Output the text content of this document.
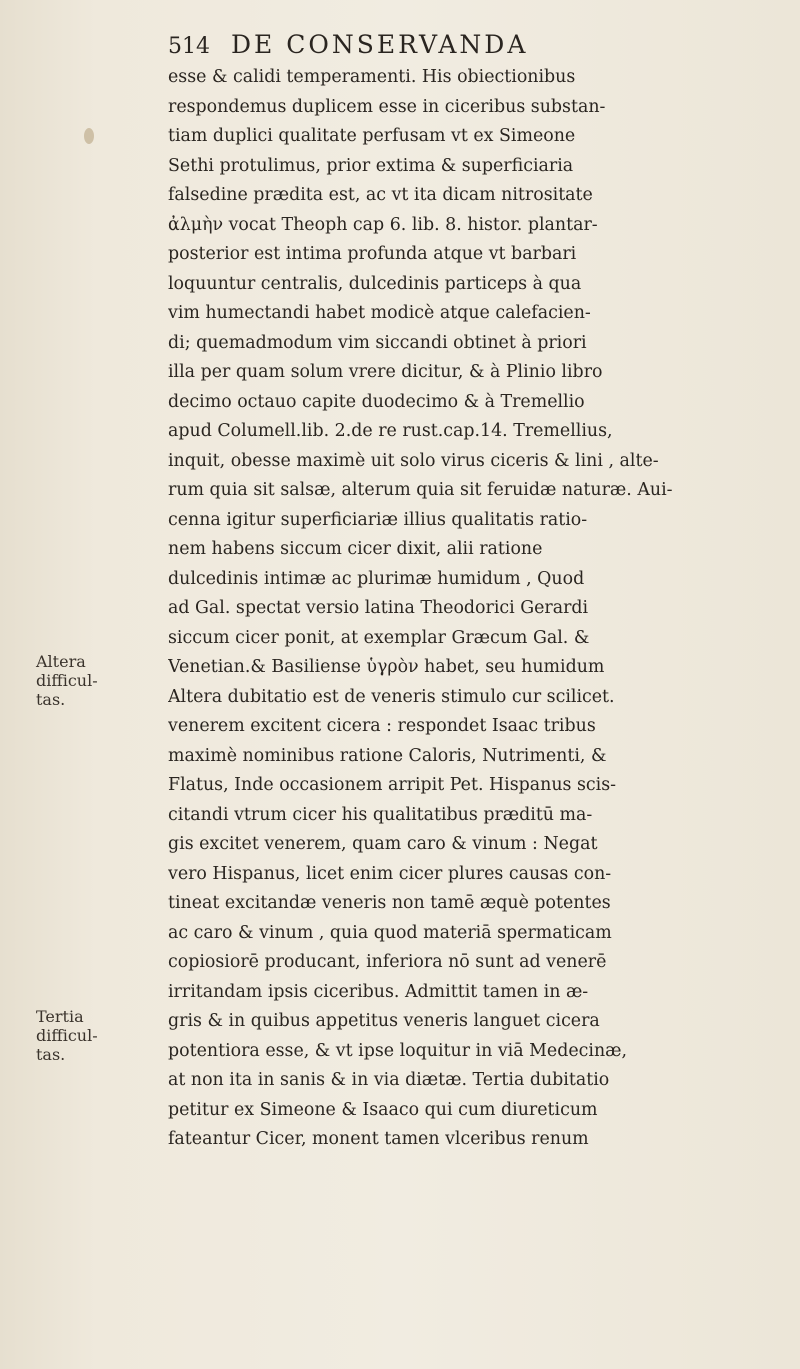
514 DE CONSERVANDA
esse & calidi temperamenti. His obiectionibus
respondemus duplicem esse in ciceribus substan-
tiam duplici qualitate perfusam vt ex Simeone
Sethi protulimus, prior extima & superficiaria
falsedine prædita est, ac vt ita dicam nitrositate
ἀλμὴν vocat Theoph cap 6. lib. 8. histor. plantar-
posterior est intima profunda atque vt barbari
loquuntur centralis, dulcedinis particeps à qua
vim humectandi habet modicè atque calefacien-
di; quemadmodum vim siccandi obtinet à priori
illa per quam solum vrere dicitur, & à Plinio libro
decimo octauo capite duodecimo & à Tremellio
apud Columell.lib. 2.de re rust.cap.14. Tremellius,
inquit, obesse maximè uit solo virus ciceris & lini , alte-
rum quia sit salsæ, alterum quia sit feruidæ naturæ. Aui-
cenna igitur superficiariæ illius qualitatis ratio-
nem habens siccum cicer dixit, alii ratione
dulcedinis intimæ ac plurimæ humidum , Quod
ad Gal. spectat versio latina Theodorici Gerardi
siccum cicer ponit, at exemplar Græcum Gal. &
Venetian.& Basiliense ὑγρὸν habet, seu humidum
Altera dubitatio est de veneris stimulo cur scilicet.
venerem excitent cicera : respondet Isaac tribus
maximè nominibus ratione Caloris, Nutrimenti, &
Flatus, Inde occasionem arripit Pet. Hispanus scis-
citandi vtrum cicer his qualitatibus præditū ma-
gis excitet venerem, quam caro & vinum : Negat
vero Hispanus, licet enim cicer plures causas con-
tineat excitandæ veneris non tamē æquè potentes
ac caro & vinum , quia quod materiā spermaticam
copiosiorē producant, inferiora nō sunt ad venerē
irritandam ipsis ciceribus. Admittit tamen in æ-
gris & in quibus appetitus veneris languet cicera
potentiora esse, & vt ipse loquitur in viā Medecinæ,
at non ita in sanis & in via diætæ. Tertia dubitatio
petitur ex Simeone & Isaaco qui cum diureticum
fateantur Cicer, monent tamen vlceribus renum
Altera
difficul-
tas.
Tertia
difficul-
tas.
